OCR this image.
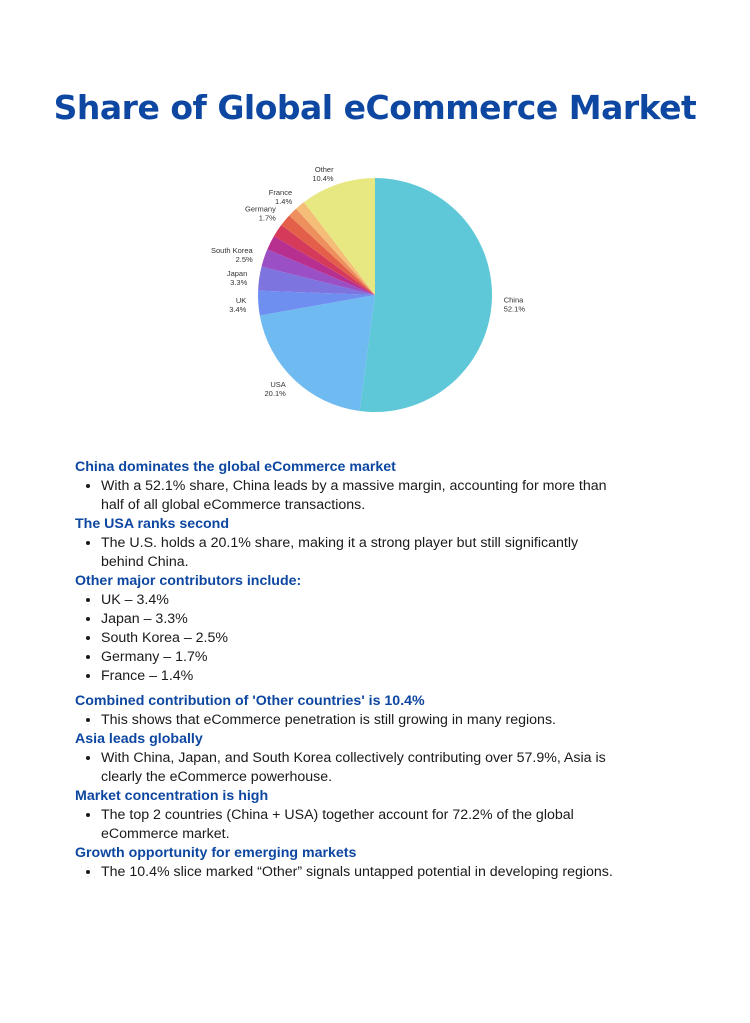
Share of Global eCommerce Market
China
52.1%
USA
20.1%
UK
3.4%
Japan
3.3%
South Korea
2.5%
Germany
1.7%
France
1.4%
Other
10.4%
China dominates the global eCommerce market
• With a 52.1% share, China leads by a massive margin, accounting for more than half of all global eCommerce transactions.
The USA ranks second
• The U.S. holds a 20.1% share, making it a strong player but still significantly behind China.
Other major contributors include:
• UK – 3.4%
• Japan – 3.3%
• South Korea – 2.5%
• Germany – 1.7%
• France – 1.4%
Combined contribution of 'Other countries' is 10.4%
• This shows that eCommerce penetration is still growing in many regions.
Asia leads globally
• With China, Japan, and South Korea collectively contributing over 57.9%, Asia is clearly the eCommerce powerhouse.
Market concentration is high
• The top 2 countries (China + USA) together account for 72.2% of the global eCommerce market.
Growth opportunity for emerging markets
• The 10.4% slice marked “Other” signals untapped potential in developing regions.
